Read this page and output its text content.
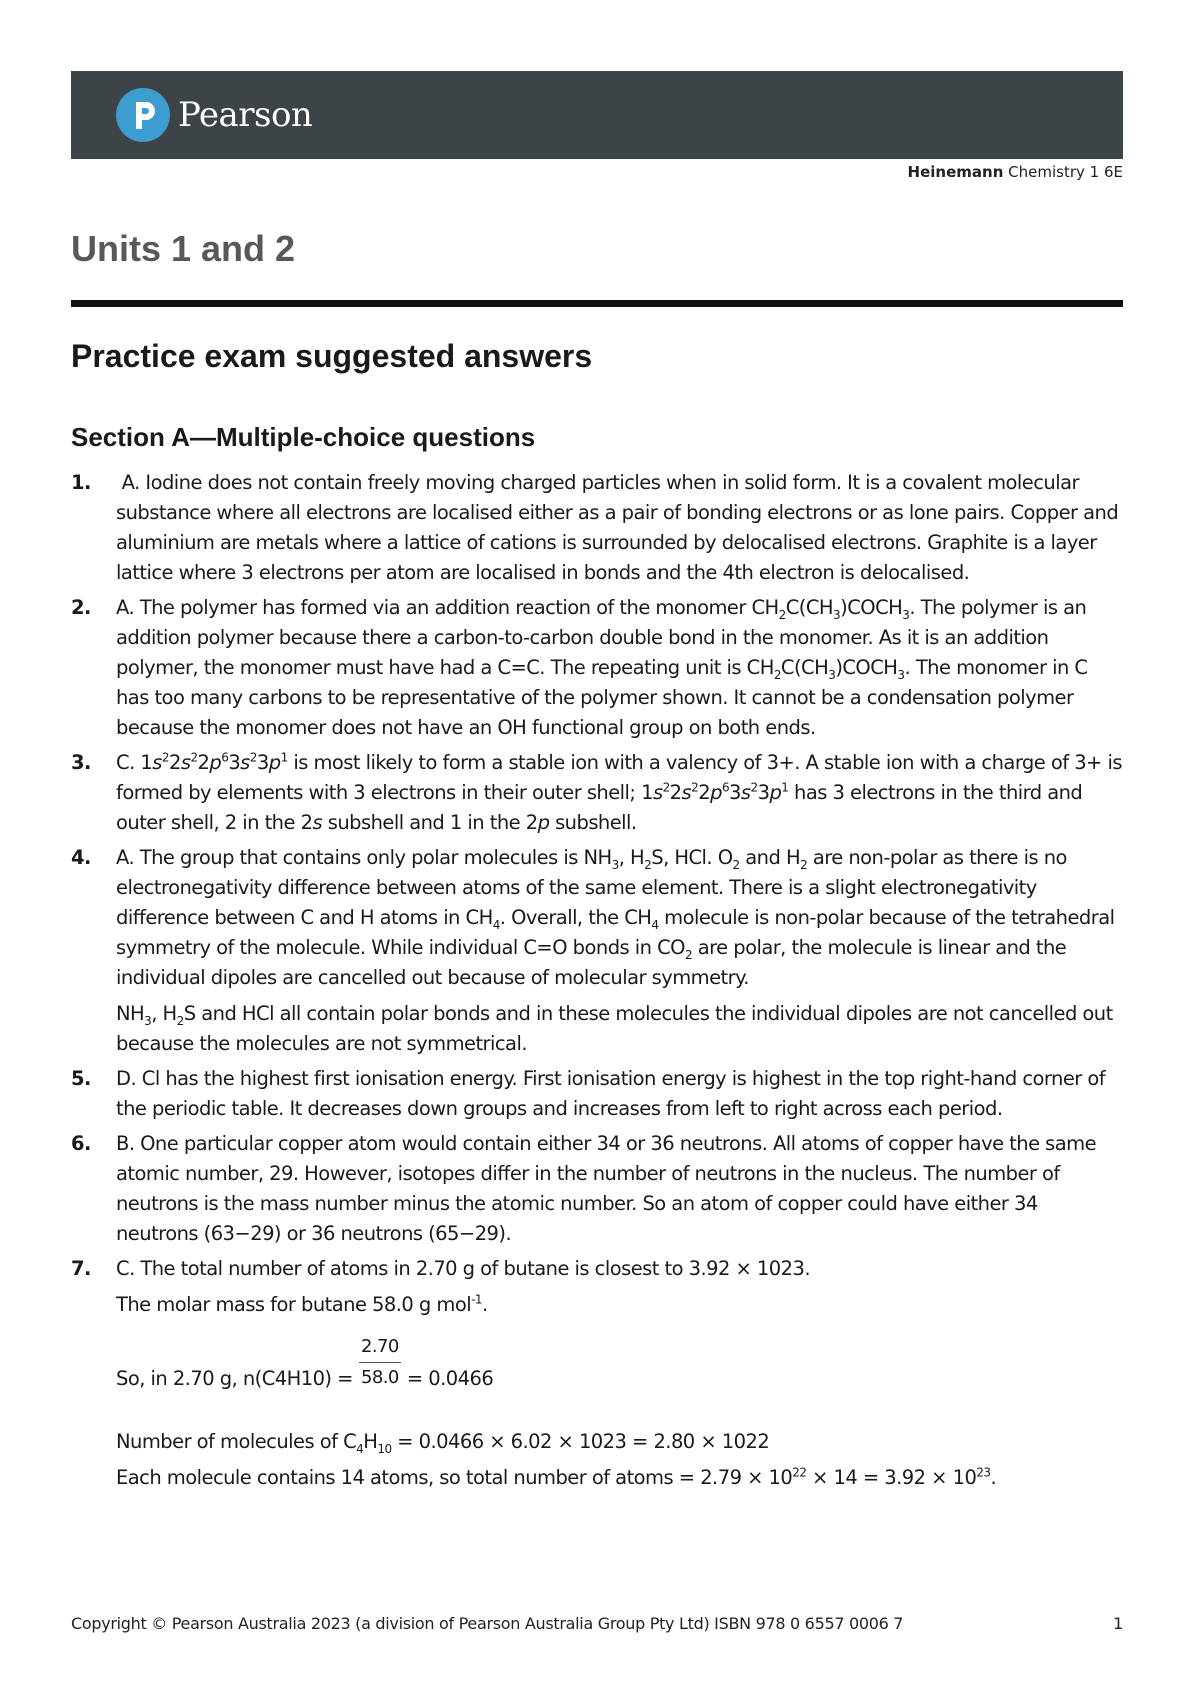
Pearson
Heinemann Chemistry 1 6E
Units 1 and 2
Practice exam suggested answers
Section A—Multiple-choice questions
1.	A. Iodine does not contain freely moving charged particles when in solid form. It is a covalent molecular substance where all electrons are localised either as a pair of bonding electrons or as lone pairs. Copper and aluminium are metals where a lattice of cations is surrounded by delocalised electrons. Graphite is a layer lattice where 3 electrons per atom are localised in bonds and the 4th electron is delocalised.

2.	A. The polymer has formed via an addition reaction of the monomer $CH_2C(CH_3)COCH_3$. The polymer is an addition polymer because there a carbon-to-carbon double bond in the monomer. As it is an addition polymer, the monomer must have had a C=C. The repeating unit is $CH_2C(CH_3)COCH_3$. The monomer in C has too many carbons to be representative of the polymer shown. It cannot be a condensation polymer because the monomer does not have an OH functional group on both ends.

3.	C. $1s^22s^22p^63s^23p^1$ is most likely to form a stable ion with a valency of 3+. A stable ion with a charge of 3+ is formed by elements with 3 electrons in their outer shell; $1s^22s^22p^63s^23p^1$ has 3 electrons in the third and outer shell, 2 in the 2s subshell and 1 in the 2p subshell.

4.	A. The group that contains only polar molecules is $NH_3$, $H_2S$, HCl. $O_2$ and $H_2$ are non-polar as there is no electronegativity difference between atoms of the same element. There is a slight electronegativity difference between C and H atoms in $CH_4$. Overall, the $CH_4$ molecule is non-polar because of the tetrahedral symmetry of the molecule. While individual C=O bonds in $CO_2$ are polar, the molecule is linear and the individual dipoles are cancelled out because of molecular symmetry.

$NH_3$, $H_2S$ and HCl all contain polar bonds and in these molecules the individual dipoles are not cancelled out because the molecules are not symmetrical.

5.	D. Cl has the highest first ionisation energy. First ionisation energy is highest in the top right-hand corner of the periodic table. It decreases down groups and increases from left to right across each period.

6.	B. One particular copper atom would contain either 34 or 36 neutrons. All atoms of copper have the same atomic number, 29. However, isotopes differ in the number of neutrons in the nucleus. The number of neutrons is the mass number minus the atomic number. So an atom of copper could have either 34 neutrons (63−29) or 36 neutrons (65−29).

7.	C. The total number of atoms in 2.70 g of butane is closest to 3.92 × 1023.

The molar mass for butane 58.0 g mol$^{-1}$.

So, in 2.70 g, $n(C4H10) = \frac{2.70}{58.0} = 0.0466$

Number of molecules of $C_4H_{10} = 0.0466 \times 6.02 \times 1023 = 2.80 \times 1022$

Each molecule contains 14 atoms, so total number of atoms = $2.79 \times 10^{22} \times 14 = 3.92 \times 10^{23}$.

Copyright © Pearson Australia 2023 (a division of Pearson Australia Group Pty Ltd) ISBN 978 0 6557 0006 7	1
